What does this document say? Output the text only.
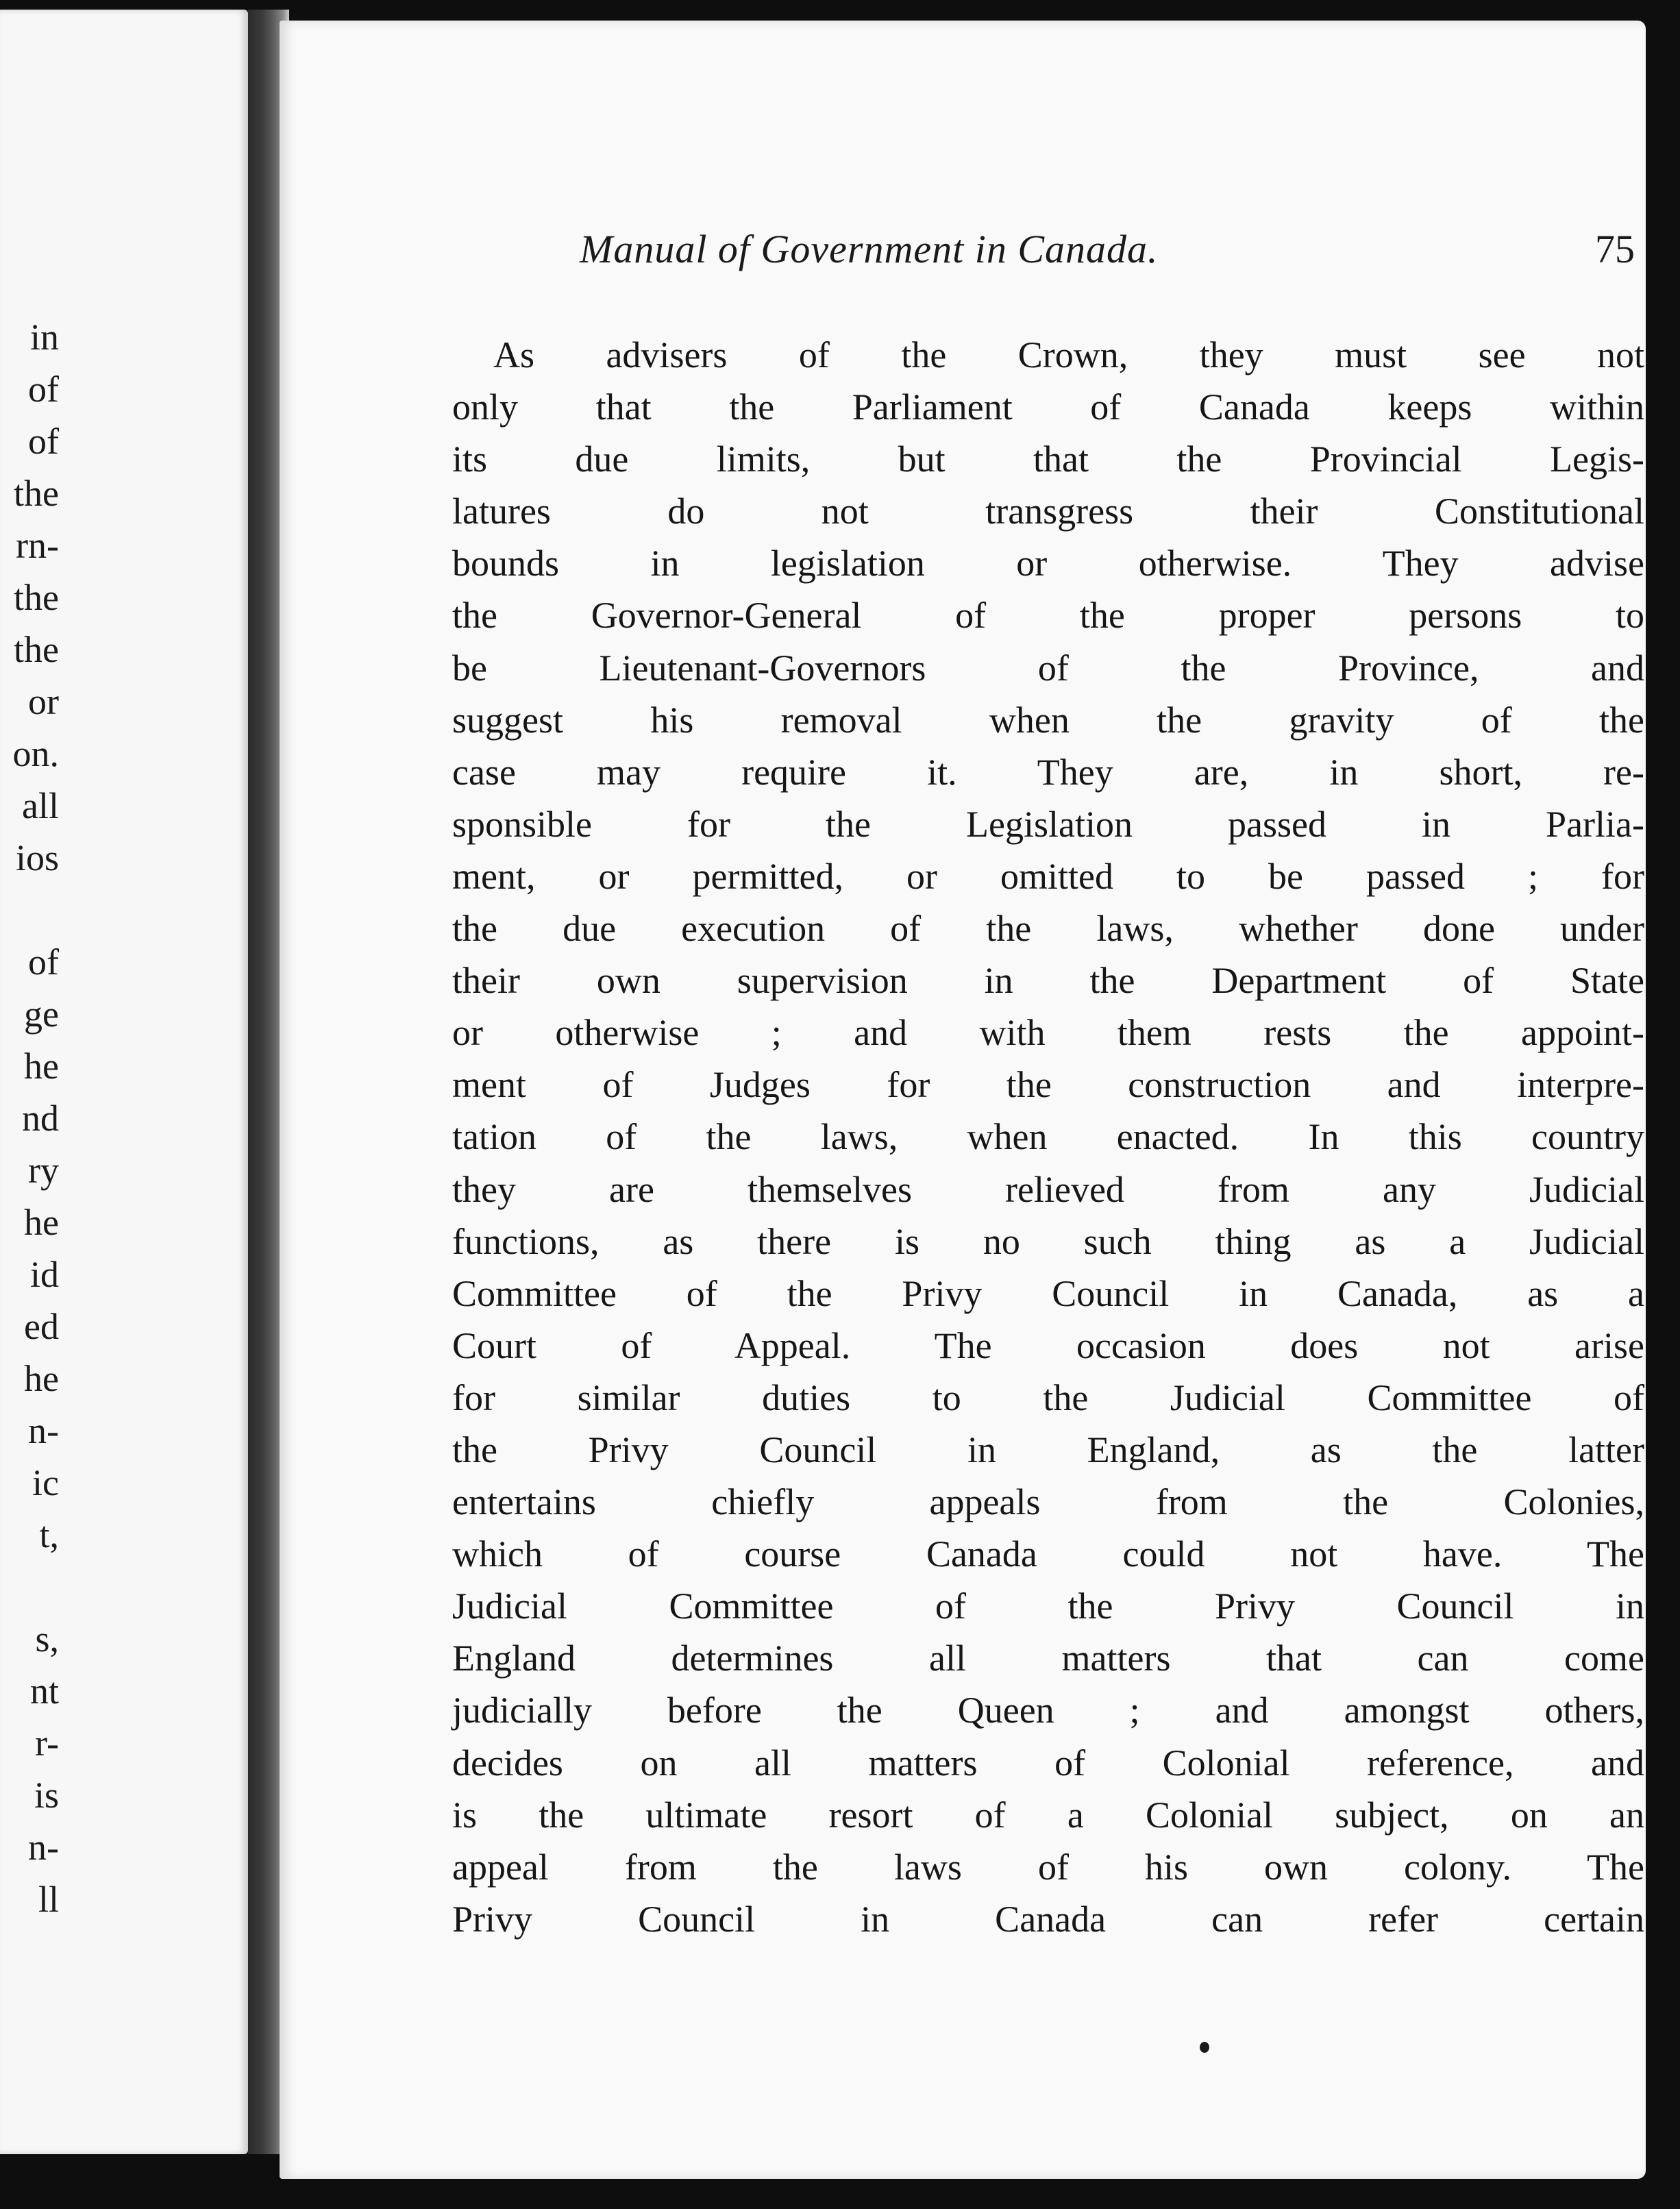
in
of
of
the
rn-
the
the
or
on.
all
ios
of
ge
he
nd
ry
he
id
ed
he
n-
ic
t,
s,
nt
r-
is
n-
ll
Manual of Government in Canada.	75
As advisers of the Crown, they must see not
only that the Parliament of Canada keeps within
its due limits, but that the Provincial Legis-
latures do not transgress their Constitutional
bounds in legislation or otherwise. They advise
the Governor-General of the proper persons to
be Lieutenant-Governors of the Province, and
suggest his removal when the gravity of the
case may require it. They are, in short, re-
sponsible for the Legislation passed in Parlia-
ment, or permitted, or omitted to be passed ; for
the due execution of the laws, whether done under
their own supervision in the Department of State
or otherwise ; and with them rests the appoint-
ment of Judges for the construction and interpre-
tation of the laws, when enacted. In this country
they are themselves relieved from any Judicial
functions, as there is no such thing as a Judicial
Committee of the Privy Council in Canada, as a
Court of Appeal. The occasion does not arise
for similar duties to the Judicial Committee of
the Privy Council in England, as the latter
entertains chiefly appeals from the Colonies,
which of course Canada could not have. The
Judicial Committee of the Privy Council in
England determines all matters that can come
judicially before the Queen ; and amongst others,
decides on all matters of Colonial reference, and
is the ultimate resort of a Colonial subject, on an
appeal from the laws of his own colony. The
Privy Council in Canada can refer certain
